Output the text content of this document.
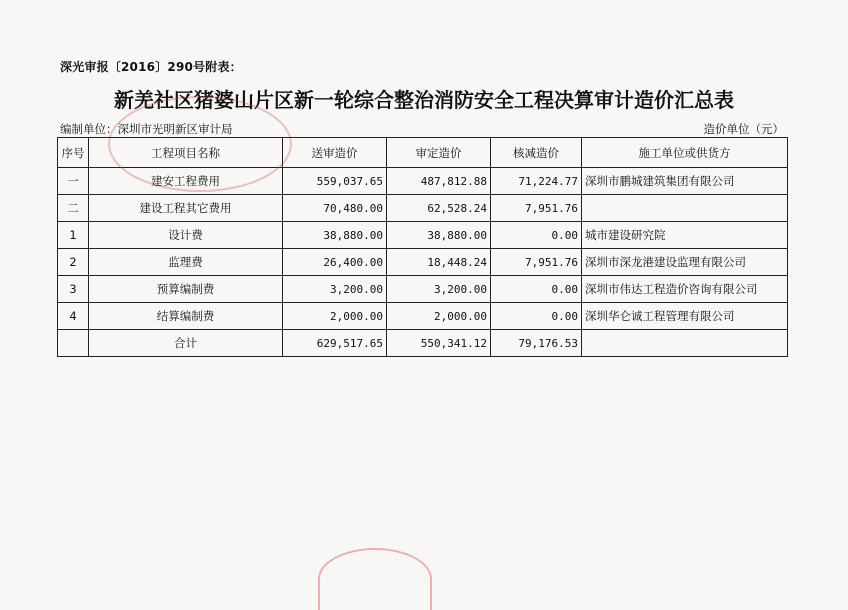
深光审报〔2016〕290号附表：
新羌社区猪婆山片区新一轮综合整治消防安全工程决算审计造价汇总表
编制单位：深圳市光明新区审计局	造价单位（元）
序号	工程项目名称	送审造价	审定造价	核减造价	施工单位或供货方
一	建安工程费用	559,037.65	487,812.88	71,224.77	深圳市鹏城建筑集团有限公司
二	建设工程其它费用	70,480.00	62,528.24	7,951.76	
1	设计费	38,880.00	38,880.00	0.00	城市建设研究院
2	监理费	26,400.00	18,448.24	7,951.76	深圳市深龙港建设监理有限公司
3	预算编制费	3,200.00	3,200.00	0.00	深圳市伟达工程造价咨询有限公司
4	结算编制费	2,000.00	2,000.00	0.00	深圳华仑诚工程管理有限公司
	合计	629,517.65	550,341.12	79,176.53	
